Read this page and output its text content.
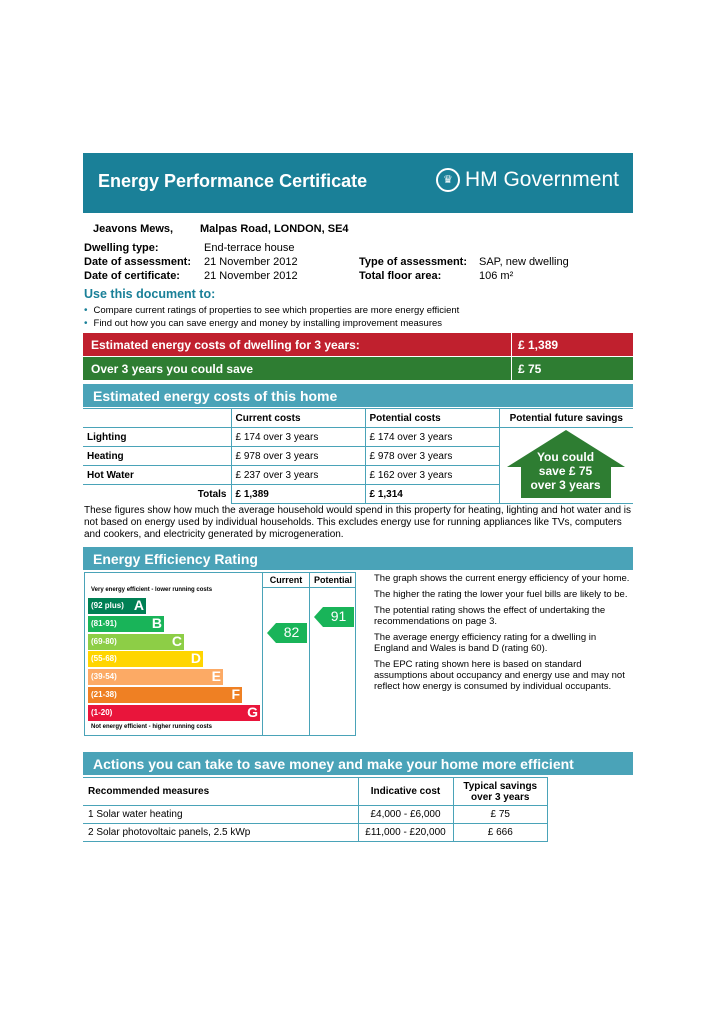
Energy Performance Certificate	♛ HM Government
Jeavons Mews, Malpas Road, LONDON, SE4
Dwelling type:	End-terrace house
Date of assessment: 21 November 2012
Date of certificate: 21 November 2012
Type of assessment: SAP, new dwelling
Total floor area:	106 m²
Use this document to:
• Compare current ratings of properties to see which properties are more energy efficient
• Find out how you can save energy and money by installing improvement measures
Estimated energy costs of dwelling for 3 years:	£ 1,389
Over 3 years you could save	£ 75
Estimated energy costs of this home
	Current costs	Potential costs	Potential future savings
Lighting	£ 174 over 3 years	£ 174 over 3 years	You could
save £ 75
over 3 years

Heating	£ 978 over 3 years	£ 978 over 3 years	
Hot Water	£ 237 over 3 years	£ 162 over 3 years	
Totals	£ 1,389	£ 1,314	
These figures show how much the average household would spend in this property for heating, lighting and hot water and is not based on energy used by individual households. This excludes energy use for running appliances like TVs, computers and cookers, and electricity generated by microgeneration.
Energy Efficiency Rating
Very energy efficient - lower running costs
(92 plus) A
(81-91)	B
(69-80)	C
(55-68)	D
(39-54)	E
(21-38)	F
(1-20)	G
Not energy efficient - higher running costs
Current	Potential
82
91

The graph shows the current energy efficiency of your home.

The higher the rating the lower your fuel bills are likely to be.

The potential rating shows the effect of undertaking the recommendations on page 3.

The average energy efficiency rating for a dwelling in England and Wales is band D (rating 60).

The EPC rating shown here is based on standard assumptions about occupancy and energy use and may not reflect how energy is consumed by individual occupants.

Actions you can take to save money and make your home more efficient
Recommended measures	Indicative cost	Typical savings
over 3 years

1 Solar water heating	£4,000 - £6,000	£ 75
2 Solar photovoltaic panels, 2.5 kWp	£11,000 - £20,000	£ 666
